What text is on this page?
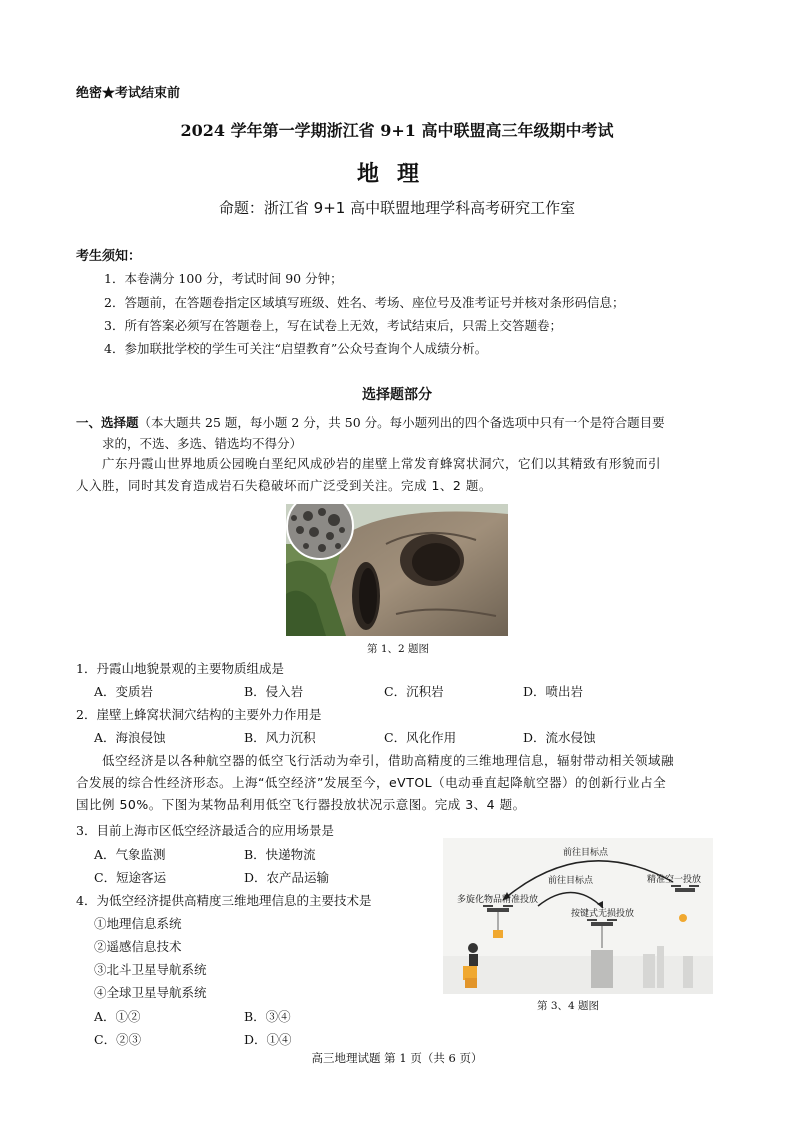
绝密★考试结束前
2024 学年第一学期浙江省 9+1 高中联盟高三年级期中考试
地理
命题：浙江省 9+1 高中联盟地理学科高考研究工作室
考生须知：
1．本卷满分 100 分，考试时间 90 分钟；
2．答题前，在答题卷指定区域填写班级、姓名、考场、座位号及准考证号并核对条形码信息；
3．所有答案必须写在答题卷上，写在试卷上无效，考试结束后，只需上交答题卷；
4．参加联批学校的学生可关注“启望教育”公众号查询个人成绩分析。
选择题部分
一、选择题（本大题共 25 题，每小题 2 分，共 50 分。每小题列出的四个备选项中只有一个是符合题目要
求的，不选、多选、错选均不得分）
广东丹霞山世界地质公园晚白垩纪风成砂岩的崖壁上常发育蜂窝状洞穴，它们以其精致有形貌而引
人入胜，同时其发育造成岩石失稳破坏而广泛受到关注。完成 1、2 题。
第 1、2 题图
1．丹霞山地貌景观的主要物质组成是
A．变质岩	B．侵入岩	C．沉积岩	D．喷出岩
2．崖壁上蜂窝状洞穴结构的主要外力作用是
A．海浪侵蚀	B．风力沉积	C．风化作用	D．流水侵蚀
低空经济是以各种航空器的低空飞行活动为牵引，借助高精度的三维地理信息，辐射带动相关领域融
合发展的综合性经济形态。上海“低空经济”发展至今，eVTOL（电动垂直起降航空器）的创新行业占全
国比例 50%。下图为某物品利用低空飞行器投放状况示意图。完成 3、4 题。
3．目前上海市区低空经济最适合的应用场景是
A．气象监测	B．快递物流
C．短途客运	D．农产品运输
4．为低空经济提供高精度三维地理信息的主要技术是
①地理信息系统
②遥感信息技术
③北斗卫星导航系统
④全球卫星导航系统
A．①②	B．③④
C．②③	D．①④
前往目标点
前往目标点
多旋化物品精准投放
按键式无损投放
精准空一投放
第 3、4 题图
高三地理试题 第 1 页（共 6 页）
